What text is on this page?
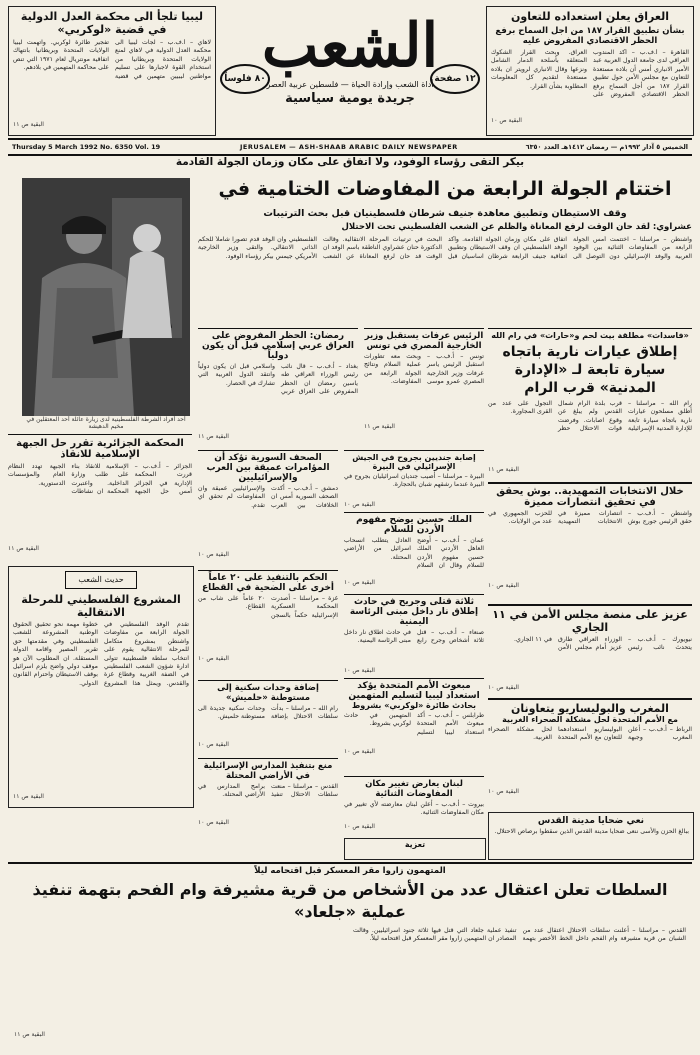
العراق يعلن استعداده للتعاون
بشأن تطبيق القرار ١٨٧ من اجل السماح برفع الحظر الاقتصادي المفروض عليه
القاهرة – أ.ف.ب – أكد المندوب العراقي لدى جامعة الدول العربية عبد الأمير الانباري أمس أن بلاده مستعدة للتعاون مع مجلس الأمن حول تطبيق القرار ١٨٧ من أجل السماح برفع الحظر الاقتصادي المفروض على العراق. وبحث القرار الشكوك المتعلقة بأسلحة الدمار الشامل ونزعها وقال الانباري لرويتر ان بلاده مستعدة لتقديم كل المعلومات المطلوبة بشأن القرار.
البقية ص ١٠
ليبيا تلجأ الى محكمة العدل الدولية في قضية «لوكربي»
لاهاي – أ.ف.ب – لجأت ليبيا الى محكمة العدل الدولية في لاهاي لمنع الولايات المتحدة وبريطانيا من استخدام القوة لاجبارها على تسليم مواطنين ليبيين متهمين في قضية تفجير طائرة لوكربي. واتهمت ليبيا الولايات المتحدة وبريطانيا بانتهاك اتفاقية مونتريال لعام ١٩٧١ التي تنص على محاكمة المتهمين في بلادهم.
البقية ص ١١
الشعب
أداة الشعب وإرادة الحياة — فلسطين عربية العصر
جريدة يومية سياسية
٨٠ فلوساً	١٢ صفحة
Thursday 5 March 1992 No. 6350 Vol. 19	JERUSALEM — ASH-SHAAB ARABIC DAILY NEWSPAPER	الخميس ٥ آذار ١٩٩٢م — رمضان ١٤١٢هـ العدد ٦٣٥٠
بيكر التقى رؤساء الوفود، ولا اتفاق على مكان وزمان الجولة القادمة
اختتام الجولة الرابعة من المفاوضات الختامية في
وقف الاستيطان وتطبيق معاهدة جنيف شرطان فلسطينيان قبل بحث الترتيبات
عشراوي: لقد حان الوقت لرفع المعاناة والظلم عن الشعب الفلسطيني تحت الاحتلال
واشنطن – مراسلنا – اختتمت أمس الجولة الرابعة من المفاوضات الثنائية بين الوفود العربية والوفد الإسرائيلي دون التوصل الى اتفاق على مكان وزمان الجولة القادمة. وأكد الوفد الفلسطيني ان وقف الاستيطان وتطبيق اتفاقية جنيف الرابعة شرطان اساسيان قبل البحث في ترتيبات المرحلة الانتقالية. وقالت الدكتورة حنان عشراوي الناطقة باسم الوفد ان الوقت قد حان لرفع المعاناة عن الشعب الفلسطيني وان الوفد قدم تصوراً شاملاً للحكم الذاتي الانتقالي. والتقى وزير الخارجية الأمريكي جيمس بيكر رؤساء الوفود.
أحد أفراد الشرطة الفلسطينية لدى زيارة عائلة أحد المعتقلين في مخيم الدهيشة
رمضان: الحظر المفروض على العراق عربي إسلامي قبل أن يكون دولياً
بغداد – أ.ف.ب – قال نائب رئيس الوزراء العراقي طه ياسين رمضان ان الحظر المفروض على العراق عربي واسلامي قبل ان يكون دولياً وانتقد الدول العربية التي تشارك في الحصار.
البقية ص ١١
الرئيس عرفات يستقبل وزير الخارجية المصري في تونس
تونس – أ.ف.ب – استقبل الرئيس ياسر عرفات وزير الخارجية المصري عمرو موسى وبحث معه تطورات عملية السلام ونتائج الجولة الرابعة من المفاوضات.
البقية ص ١١
«فاسدات» مطلقة بيت لحم و«حارات» في رام الله
إطلاق عيارات نارية باتجاه سيارة تابعة لـ «الإدارة المدنية» قرب الرام
رام الله – مراسلنا – أطلق مسلحون عيارات نارية باتجاه سيارة تابعة للإدارة المدنية الإسرائيلية قرب بلدة الرام شمال القدس ولم يبلغ عن وقوع اصابات. وفرضت قوات الاحتلال حظر التجول على عدد من القرى المجاورة.
البقية ص ١١
المحكمة الجزائرية تقرر حل الجبهة الإسلامية للانقاذ
الجزائر – أ.ف.ب – قررت المحكمة الإدارية في الجزائر أمس حل الجبهة الإسلامية للانقاذ بناء على طلب وزارة الداخلية. واعتبرت المحكمة ان نشاطات الجبهة تهدد النظام العام والمؤسسات الدستورية.
البقية ص ١١
الصحف السورية تؤكد أن المؤامرات عميقة بين العرب والإسرائيليين
دمشق – أ.ف.ب – أكدت الصحف السورية أمس ان الخلافات بين العرب والإسرائيليين عميقة وان المفاوضات لم تحقق اي تقدم.
البقية ص ١٠
إصابة جنديين بجروح في الجيش الإسرائيلي في البيرة
البيرة – مراسلنا – أصيب جنديان اسرائيليان بجروح في البيرة عندما رشقهم شبان بالحجارة.
البقية ص ١٠
الملك حسين يوضح مفهوم الأردن للسلام
عمان – أ.ف.ب – أوضح العاهل الأردني الملك حسين مفهوم الأردن للسلام وقال ان السلام العادل يتطلب انسحاب اسرائيل من الأراضي المحتلة.
البقية ص ١٠
خلال الانتخابات التمهيدية.. بوش يحقق في تحقيق انتصارات مميزة
واشنطن – أ.ف.ب – حقق الرئيس جورج بوش انتصارات مميزة في الانتخابات التمهيدية للحزب الجمهوري في عدد من الولايات.
البقية ص ١٠
حديث الشعب
المشروع الفلسطيني للمرحلة الانتقالية
تقدم الوفد الفلسطيني في الجولة الرابعة من مفاوضات واشنطن بمشروع متكامل للمرحلة الانتقالية يقوم على انتخاب سلطة فلسطينية تتولى ادارة شؤون الشعب الفلسطيني في الضفة الغربية وقطاع غزة والقدس. ويمثل هذا المشروع خطوة مهمة نحو تحقيق الحقوق الوطنية المشروعة للشعب الفلسطيني وفي مقدمتها حق تقرير المصير واقامة الدولة المستقلة. ان المطلوب الآن هو موقف دولي واضح يلزم اسرائيل بوقف الاستيطان واحترام القانون الدولي.
البقية ص ١١
الحكم بالتنفيذ على ٢٠ عاماً أخرى على الضحية في القطاع
غزة – مراسلنا – أصدرت المحكمة العسكرية الإسرائيلية حكماً بالسجن ٢٠ عاماً على شاب من القطاع.
البقية ص ١٠
ثلاثة قتلى وجريح في حادث إطلاق نار داخل مبنى الرئاسة اليمنية
صنعاء – أ.ف.ب – قتل ثلاثة أشخاص وجرح رابع في حادث اطلاق نار داخل مبنى الرئاسة اليمنية.
البقية ص ١٠
عزيز على منصة مجلس الأمن في ١١ الجاري
نيويورك – أ.ف.ب – يتحدث نائب رئيس الوزراء العراقي طارق عزيز أمام مجلس الأمن في ١١ الجاري.
البقية ص ١٠
إضافة وحدات سكنية إلى مستوطنة «حلميش»
رام الله – مراسلنا – بدأت سلطات الاحتلال بإضافة وحدات سكنية جديدة الى مستوطنة حلميش.
البقية ص ١٠
مبعوث الأمم المتحدة يؤكد استعداد ليبيا لتسليم المتهمين
بحادث طائرة «لوكربي» بشروط
طرابلس – أ.ف.ب – أكد مبعوث الأمم المتحدة استعداد ليبيا لتسليم المتهمين في حادث لوكربي بشروط.
البقية ص ١٠
المغرب والبوليساريو يتعاونان
مع الأمم المتحدة لحل مشكلة الصحراء الغربية
الرباط – أ.ف.ب – أعلن المغرب وجبهة البوليساريو استعدادهما للتعاون مع الأمم المتحدة لحل مشكلة الصحراء الغربية.
البقية ص ١٠
منع بتنفيذ المدارس الإسرائيلية في الأراضي المحتلة
القدس – مراسلنا – منعت سلطات الاحتلال تنفيذ برامج المدارس في الأراضي المحتلة.
البقية ص ١٠
لبنان يعارض تغيير مكان المفاوضات الثنائية
بيروت – أ.ف.ب – أعلن لبنان معارضته لأي تغيير في مكان المفاوضات الثنائية.
البقية ص ١٠
نعي ضحايا مدينة القدس
ببالغ الحزن والأسى ننعى ضحايا مدينة القدس الذين سقطوا برصاص الاحتلال.
تعزية
المتهمون زاروا مقر المعسكر قبل اقتحامه ليلاً
السلطات تعلن اعتقال عدد من الأشخاص من قرية مشيرفة وام الفحم بتهمة تنفيذ عملية «جلعاد»
القدس – مراسلنا – أعلنت سلطات الاحتلال اعتقال عدد من الشبان من قرية مشيرفة وام الفحم داخل الخط الأخضر بتهمة تنفيذ عملية جلعاد التي قتل فيها ثلاثة جنود اسرائيليين. وقالت المصادر ان المتهمين زاروا مقر المعسكر قبل اقتحامه ليلاً.
البقية ص ١١
